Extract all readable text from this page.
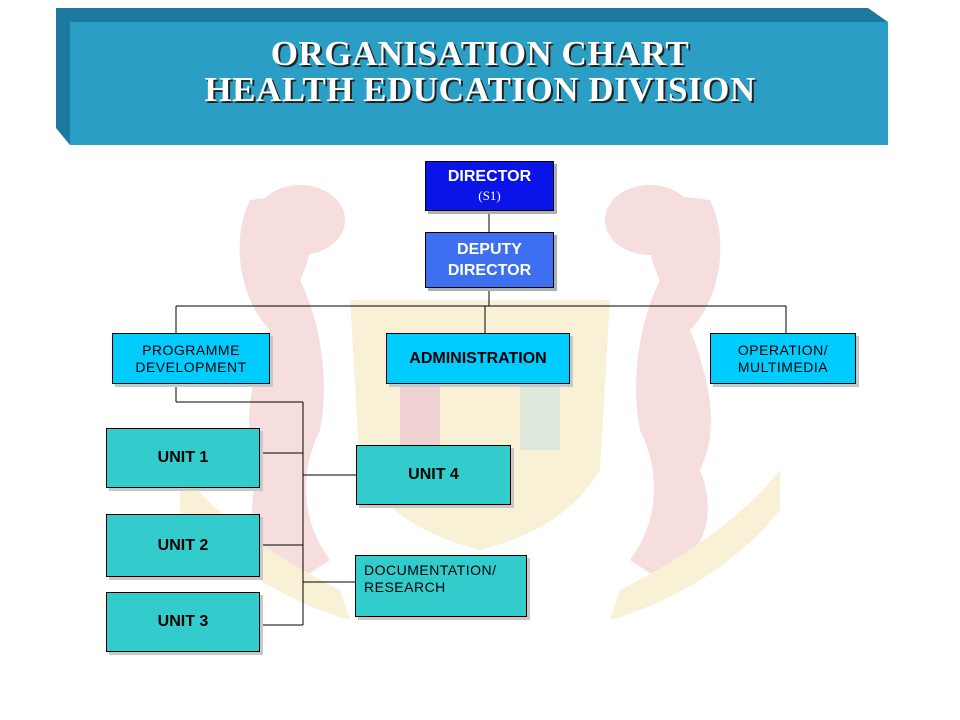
ORGANISATION CHART
HEALTH EDUCATION DIVISION
DIRECTOR
(S1)
DEPUTY
DIRECTOR
PROGRAMME
DEVELOPMENT	ADMINISTRATION	OPERATION/
MULTIMEDIA
UNIT 1
UNIT 2
UNIT 3
UNIT 4
DOCUMENTATION/
RESEARCH
